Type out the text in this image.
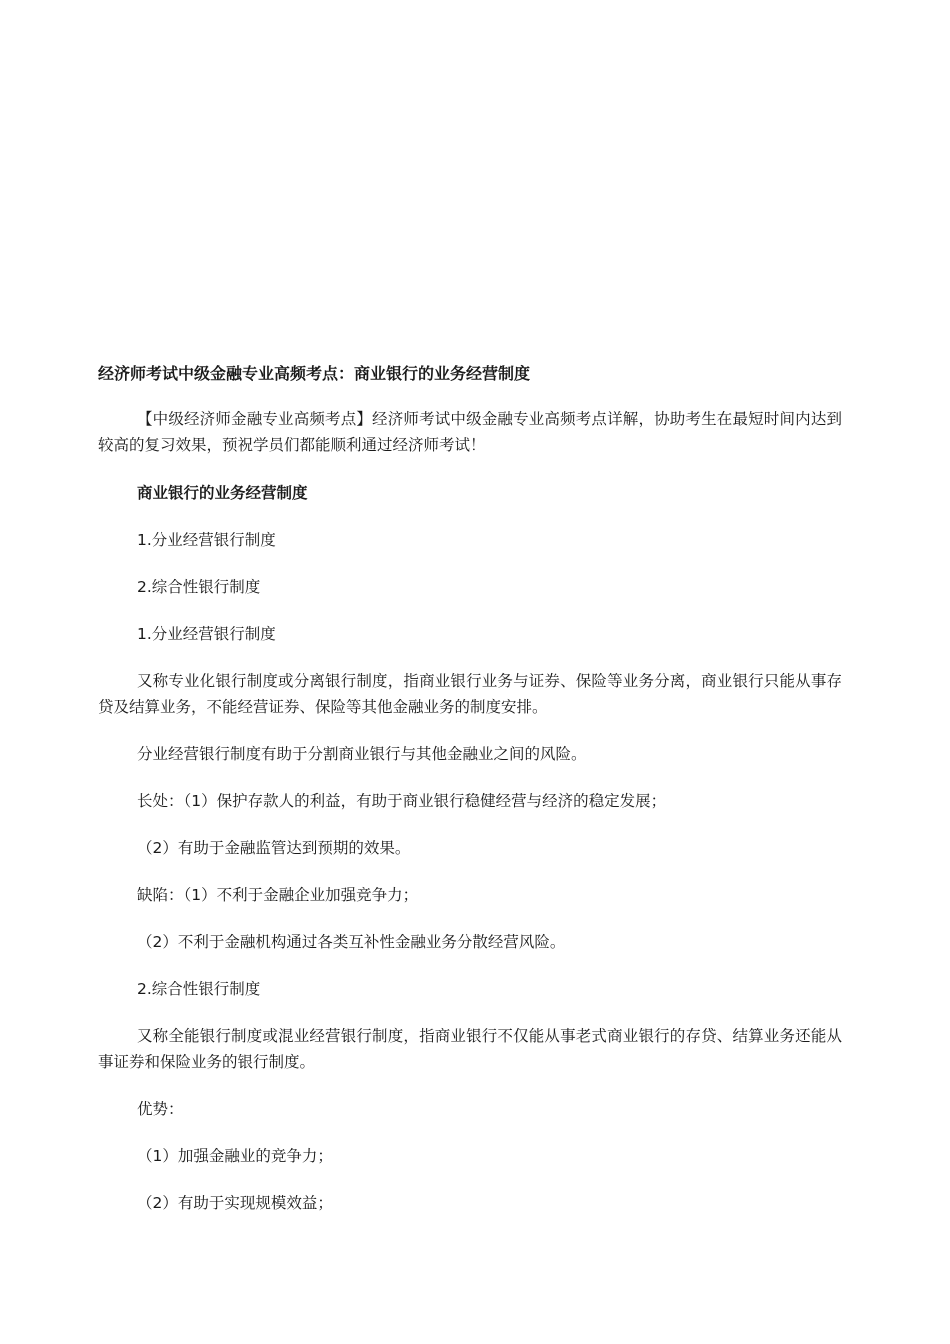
经济师考试中级金融专业高频考点：商业银行的业务经营制度
【中级经济师金融专业高频考点】经济师考试中级金融专业高频考点详解，协助考生在最短时间内达到较高的复习效果，预祝学员们都能顺利通过经济师考试！
商业银行的业务经营制度
1.分业经营银行制度
2.综合性银行制度
1.分业经营银行制度
又称专业化银行制度或分离银行制度，指商业银行业务与证券、保险等业务分离，商业银行只能从事存贷及结算业务，不能经营证券、保险等其他金融业务的制度安排。
分业经营银行制度有助于分割商业银行与其他金融业之间的风险。
长处：（1）保护存款人的利益，有助于商业银行稳健经营与经济的稳定发展；
（2）有助于金融监管达到预期的效果。
缺陷：（1）不利于金融企业加强竞争力；
（2）不利于金融机构通过各类互补性金融业务分散经营风险。
2.综合性银行制度
又称全能银行制度或混业经营银行制度，指商业银行不仅能从事老式商业银行的存贷、结算业务还能从事证券和保险业务的银行制度。
优势：
（1）加强金融业的竞争力；
（2）有助于实现规模效益；
